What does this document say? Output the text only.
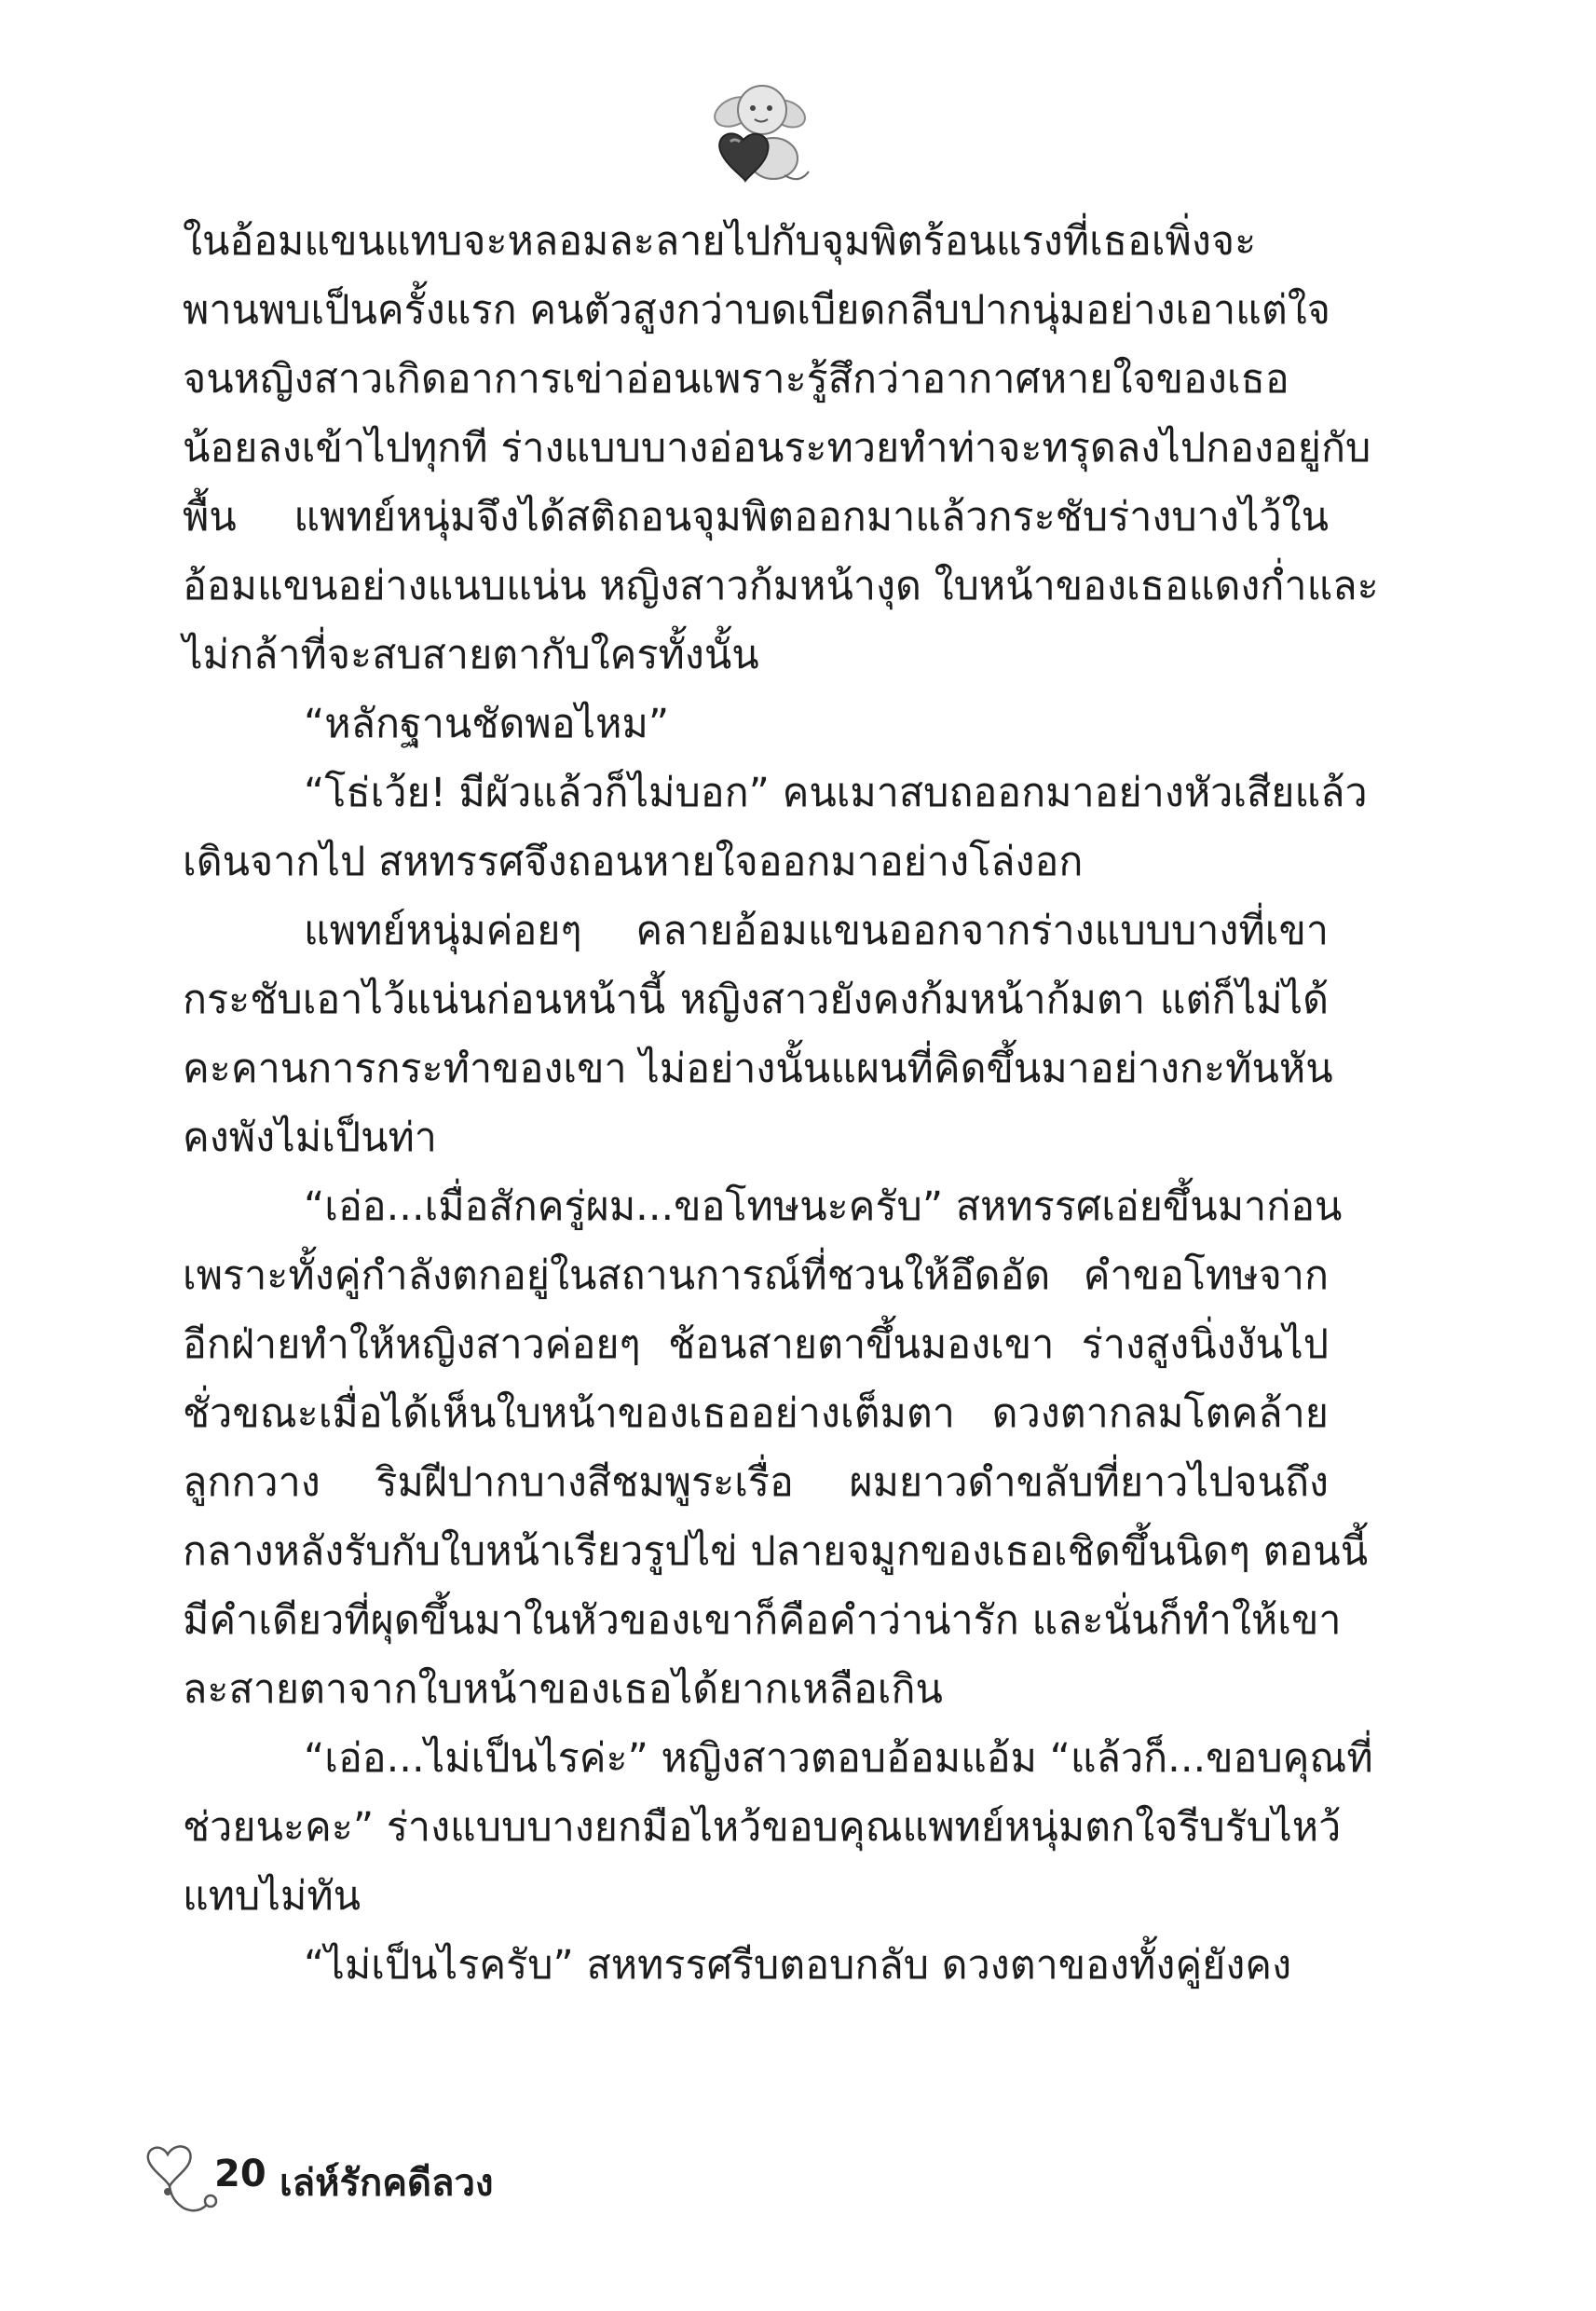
ในอ้อมแขนแทบจะหลอมละลายไปกับจุมพิตร้อนแรงที่เธอเพิ่งจะ
พานพบเป็นครั้งแรก คนตัวสูงกว่าบดเบียดกลีบปากนุ่มอย่างเอาแต่ใจ
จนหญิงสาวเกิดอาการเข่าอ่อนเพราะรู้สึกว่าอากาศหายใจของเธอ
น้อยลงเข้าไปทุกที ร่างแบบบางอ่อนระทวยทำท่าจะทรุดลงไปกองอยู่กับ
พื้น แพทย์หนุ่มจึงได้สติถอนจุมพิตออกมาแล้วกระชับร่างบางไว้ใน
อ้อมแขนอย่างแนบแน่น หญิงสาวก้มหน้างุด ใบหน้าของเธอแดงก่ำและ
ไม่กล้าที่จะสบสายตากับใครทั้งนั้น
“หลักฐานชัดพอไหม”
“โธ่เว้ย! มีผัวแล้วก็ไม่บอก” คนเมาสบถออกมาอย่างหัวเสียแล้ว
เดินจากไป สหทรรศจึงถอนหายใจออกมาอย่างโล่งอก
แพทย์หนุ่มค่อยๆ คลายอ้อมแขนออกจากร่างแบบบางที่เขา
กระชับเอาไว้แน่นก่อนหน้านี้ หญิงสาวยังคงก้มหน้าก้มตา แต่ก็ไม่ได้
คะคานการกระทำของเขา ไม่อย่างนั้นแผนที่คิดขึ้นมาอย่างกะทันหัน
คงพังไม่เป็นท่า
“เอ่อ...เมื่อสักครู่ผม...ขอโทษนะครับ” สหทรรศเอ่ยขึ้นมาก่อน
เพราะทั้งคู่กำลังตกอยู่ในสถานการณ์ที่ชวนให้อึดอัด คำขอโทษจาก
อีกฝ่ายทำให้หญิงสาวค่อยๆ ช้อนสายตาขึ้นมองเขา ร่างสูงนิ่งงันไป
ชั่วขณะเมื่อได้เห็นใบหน้าของเธออย่างเต็มตา ดวงตากลมโตคล้าย
ลูกกวาง ริมฝีปากบางสีชมพูระเรื่อ ผมยาวดำขลับที่ยาวไปจนถึง
กลางหลังรับกับใบหน้าเรียวรูปไข่ ปลายจมูกของเธอเชิดขึ้นนิดๆ ตอนนี้
มีคำเดียวที่ผุดขึ้นมาในหัวของเขาก็คือคำว่าน่ารัก และนั่นก็ทำให้เขา
ละสายตาจากใบหน้าของเธอได้ยากเหลือเกิน
“เอ่อ...ไม่เป็นไรค่ะ” หญิงสาวตอบอ้อมแอ้ม “แล้วก็...ขอบคุณที่
ช่วยนะคะ” ร่างแบบบางยกมือไหว้ขอบคุณแพทย์หนุ่มตกใจรีบรับไหว้
แทบไม่ทัน
“ไม่เป็นไรครับ” สหทรรศรีบตอบกลับ ดวงตาของทั้งคู่ยังคง
20 เล่ห์รักคดีลวง
